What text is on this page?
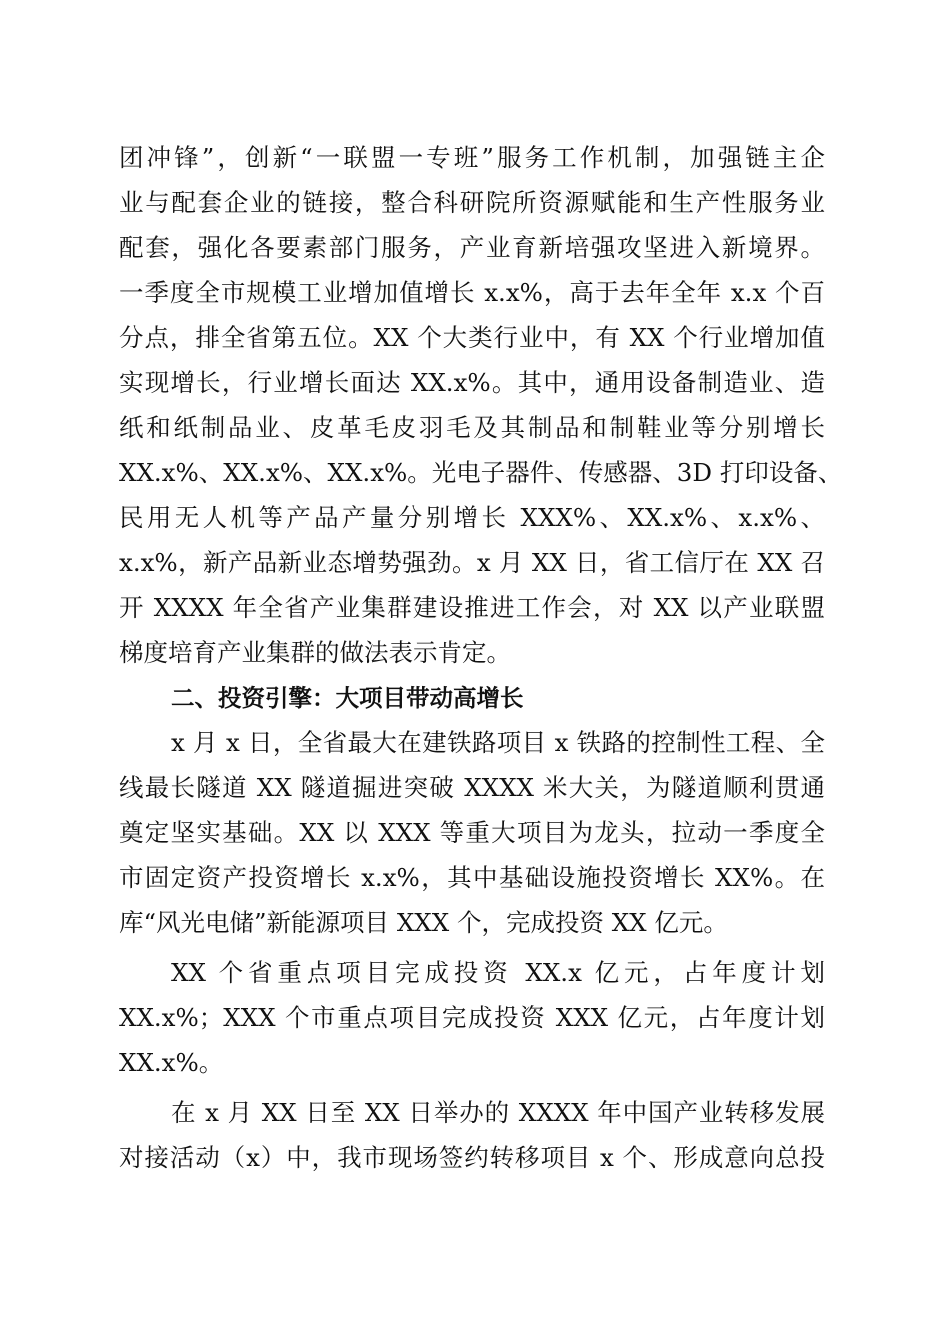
团冲锋”，创新“一联盟一专班”服务工作机制，加强链主企
业与配套企业的链接，整合科研院所资源赋能和生产性服务业
配套，强化各要素部门服务，产业育新培强攻坚进入新境界。
一季度全市规模工业增加值增长 x.x%，高于去年全年 x.x 个百
分点，排全省第五位。XX 个大类行业中，有 XX 个行业增加值
实现增长，行业增长面达 XX.x%。其中，通用设备制造业、造
纸和纸制品业、皮革毛皮羽毛及其制品和制鞋业等分别增长
XX.x%、XX.x%、XX.x%。光电子器件、传感器、3D 打印设备、
民用无人机等产品产量分别增长 XXX%、XX.x%、x.x%、
x.x%，新产品新业态增势强劲。x 月 XX 日，省工信厅在 XX 召
开 XXXX 年全省产业集群建设推进工作会，对 XX 以产业联盟
梯度培育产业集群的做法表示肯定。
二、投资引擎：大项目带动高增长
x 月 x 日，全省最大在建铁路项目 x 铁路的控制性工程、全
线最长隧道 XX 隧道掘进突破 XXXX 米大关，为隧道顺利贯通
奠定坚实基础。XX 以 XXX 等重大项目为龙头，拉动一季度全
市固定资产投资增长 x.x%，其中基础设施投资增长 XX%。在
库“风光电储”新能源项目 XXX 个，完成投资 XX 亿元。
XX 个省重点项目完成投资 XX.x 亿元，占年度计划
XX.x%；XXX 个市重点项目完成投资 XXX 亿元，占年度计划
XX.x%。
在 x 月 XX 日至 XX 日举办的 XXXX 年中国产业转移发展
对接活动（x）中，我市现场签约转移项目 x 个、形成意向总投
